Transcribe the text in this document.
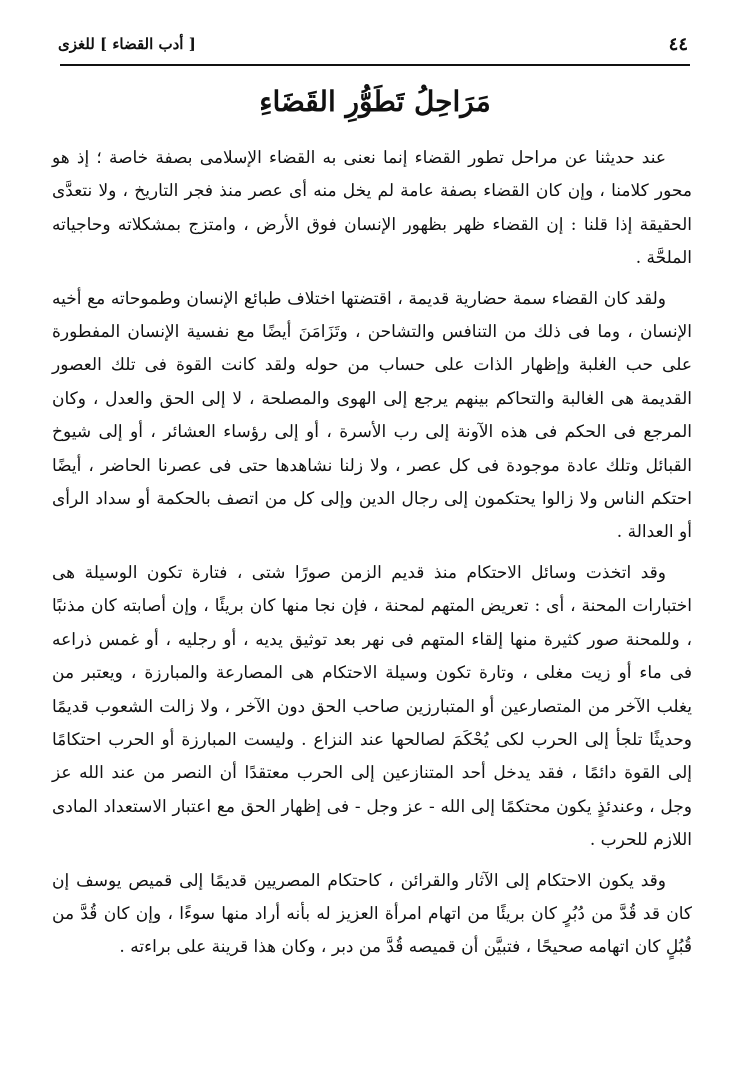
٤٤
[ أدب القضاء ] للغزى
مَرَاحِلُ تَطَوُّرِ القَضَاءِ

عند حديثنا عن مراحل تطور القضاء إنما نعنى به القضاء الإسلامى بصفة خاصة ؛ إذ هو محور كلامنا ، وإن كان القضاء بصفة عامة لم يخل منه أى عصر منذ فجر التاريخ ، ولا نتعدَّى الحقيقة إذا قلنا : إن القضاء ظهر بظهور الإنسان فوق الأرض ، وامتزج بمشكلاته وحاجياته الملحَّة .

ولقد كان القضاء سمة حضارية قديمة ، اقتضتها اختلاف طبائع الإنسان وطموحاته مع أخيه الإنسان ، وما فى ذلك من التنافس والتشاحن ، وتَزَامَنَ أيضًا مع نفسية الإنسان المفطورة على حب الغلبة وإظهار الذات على حساب من حوله ولقد كانت القوة فى تلك العصور القديمة هى الغالبة والتحاكم بينهم يرجع إلى الهوى والمصلحة ، لا إلى الحق والعدل ، وكان المرجع فى الحكم فى هذه الآونة إلى رب الأسرة ، أو إلى رؤساء العشائر ، أو إلى شيوخ القبائل وتلك عادة موجودة فى كل عصر ، ولا زلنا نشاهدها حتى فى عصرنا الحاضر ، أيضًا احتكم الناس ولا زالوا يحتكمون إلى رجال الدين وإلى كل من اتصف بالحكمة أو سداد الرأى أو العدالة .

وقد اتخذت وسائل الاحتكام منذ قديم الزمن صورًا شتى ، فتارة تكون الوسيلة هى اختبارات المحنة ، أى : تعريض المتهم لمحنة ، فإن نجا منها كان بريئًا ، وإن أصابته كان مذنبًا ، وللمحنة صور كثيرة منها إلقاء المتهم فى نهر بعد توثيق يديه ، أو رجليه ، أو غمس ذراعه فى ماء أو زيت مغلى ، وتارة تكون وسيلة الاحتكام هى المصارعة والمبارزة ، ويعتبر من يغلب الآخر من المتصارعين أو المتبارزين صاحب الحق دون الآخر ، ولا زالت الشعوب قديمًا وحديثًا تلجأ إلى الحرب لكى يُحْكَمَ لصالحها عند النزاع . وليست المبارزة أو الحرب احتكامًا إلى القوة دائمًا ، فقد يدخل أحد المتنازعين إلى الحرب معتقدًا أن النصر من عند الله عز وجل ، وعندئذٍ يكون محتكمًا إلى الله - عز وجل - فى إظهار الحق مع اعتبار الاستعداد المادى اللازم للحرب .

وقد يكون الاحتكام إلى الآثار والقرائن ، كاحتكام المصريين قديمًا إلى قميص يوسف إن كان قد قُدَّ من دُبُرٍ كان بريئًا من اتهام امرأة العزيز له بأنه أراد منها سوءًا ، وإن كان قُدَّ من قُبُلٍ كان اتهامه صحيحًا ، فتبيَّن أن قميصه قُدَّ من دبر ، وكان هذا قرينة على براءته .
